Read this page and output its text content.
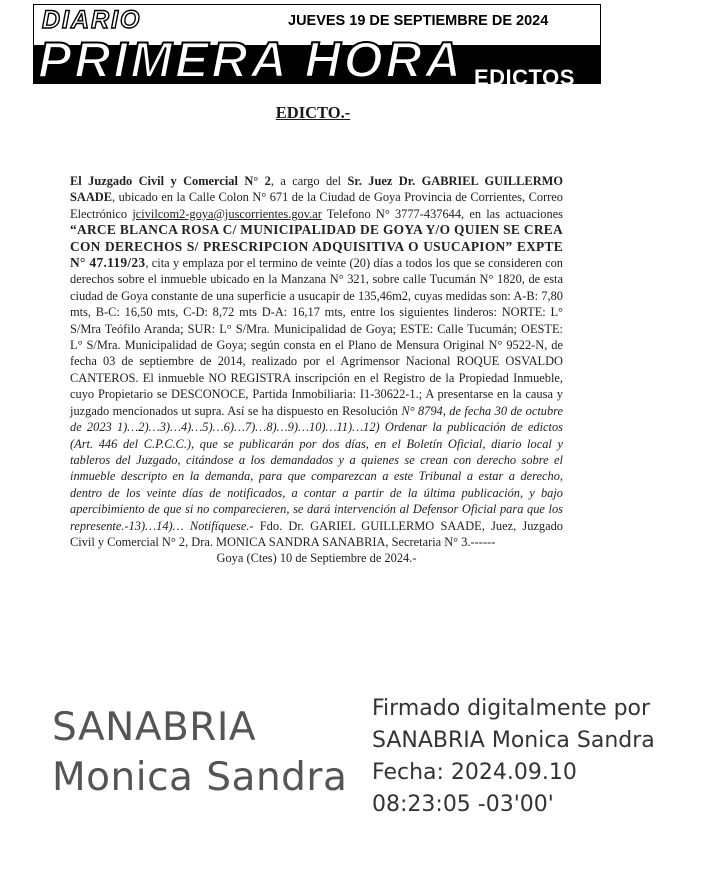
DIARIO	JUEVES 19 DE SEPTIEMBRE DE 2024
PRIMERA HORA EDICTOS
EDICTO.-

El Juzgado Civil y Comercial N° 2, a cargo del Sr. Juez Dr. GABRIEL GUILLERMO SAADE, ubicado en la Calle Colon N° 671 de la Ciudad de Goya Provincia de Corrientes, Correo Electrónico jcivilcom2-goya@juscorrientes.gov.ar Telefono N° 3777-437644, en las actuaciones “ARCE BLANCA ROSA C/ MUNICIPALIDAD DE GOYA Y/O QUIEN SE CREA CON DERECHOS S/ PRESCRIPCION ADQUISITIVA O USUCAPION” EXPTE N° 47.119/23, cita y emplaza por el termino de veinte (20) días a todos los que se consideren con derechos sobre el inmueble ubicado en la Manzana N° 321, sobre calle Tucumán N° 1820, de esta ciudad de Goya constante de una superficie a usucapir de 135,46m2, cuyas medidas son: A-B: 7,80 mts, B-C: 16,50 mts, C-D: 8,72 mts D-A: 16,17 mts, entre los siguientes linderos: NORTE: L° S/Mra Teófilo Aranda; SUR: L° S/Mra. Municipalidad de Goya; ESTE: Calle Tucumán; OESTE: L° S/Mra. Municipalidad de Goya; según consta en el Plano de Mensura Original N° 9522-N, de fecha 03 de septiembre de 2014, realizado por el Agrimensor Nacional ROQUE OSVALDO CANTEROS. El inmueble NO REGISTRA inscripción en el Registro de la Propiedad Inmueble, cuyo Propietario se DESCONOCE, Partida Inmobiliaria: I1-30622-1.; A presentarse en la causa y juzgado mencionados ut supra. Así se ha dispuesto en Resolución N° 8794, de fecha 30 de octubre de 2023 1)…2)…3)…4)…5)…6)…7)…8)…9)…10)…11)…12) Ordenar la publicación de edictos (Art. 446 del C.P.C.C.), que se publicarán por dos días, en el Boletín Oficial, diario local y tableros del Juzgado, citándose a los demandados y a quienes se crean con derecho sobre el inmueble descripto en la demanda, para que comparezcan a este Tribunal a estar a derecho, dentro de los veinte días de notificados, a contar a partir de la última publicación, y bajo apercibimiento de que si no comparecieren, se dará intervención al Defensor Oficial para que los represente.-13)…14)… Notifíquese.- Fdo. Dr. GARIEL GUILLERMO SAADE, Juez, Juzgado Civil y Comercial N° 2, Dra. MONICA SANDRA SANABRIA, Secretaria N° 3.------

Goya (Ctes) 10 de Septiembre de 2024.-

SANABRIA
Monica Sandra
Firmado digitalmente por
SANABRIA Monica Sandra
Fecha: 2024.09.10
08:23:05 -03'00'
